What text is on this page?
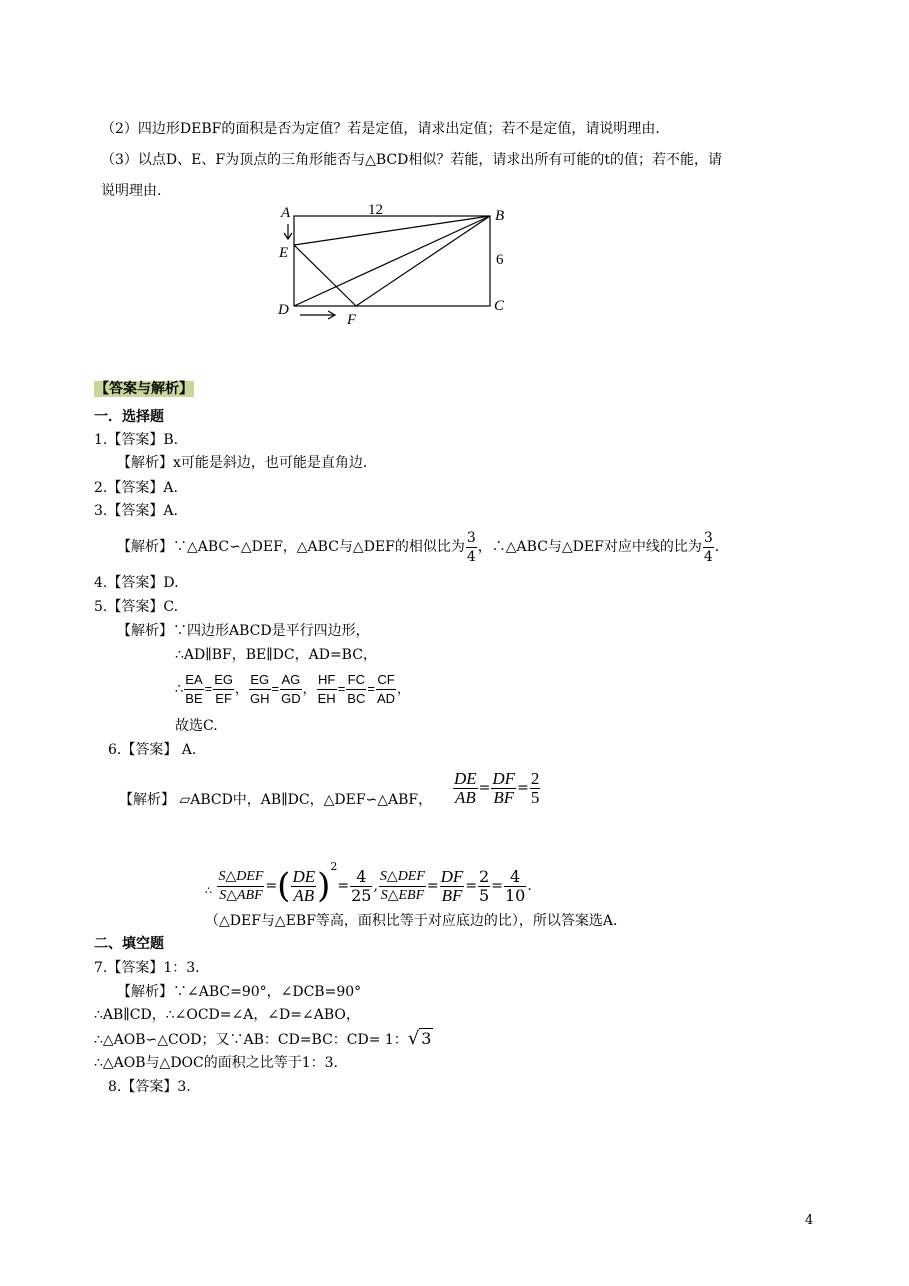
（2）四边形DEBF的面积是否为定值？若是定值，请求出定值；若不是定值，请说明理由.
（3）以点D、E、F为顶点的三角形能否与△BCD相似？若能，请求出所有可能的t的值；若不能，请
说明理由.
A	B
C
D
E
F
12
6
【答案与解析】
一．选择题
1.【答案】B.
【解析】x可能是斜边，也可能是直角边.
2.【答案】A.
3.【答案】A.
【解析】∵△ABC∽△DEF，△ABC与△DEF的相似比为 $\frac{3}{4}$ ，∴△ABC与△DEF对应中线的比为 $\frac{3}{4}$ .
4.【答案】D.
5.【答案】C.
【解析】∵四边形ABCD是平行四边形，
∴AD∥BF，BE∥DC，AD=BC，
∴ $\frac{EA}{BE} = \frac{EG}{EF}$ ， $\frac{EG}{GH} = \frac{AG}{GD}$ ， $\frac{HF}{EH} = \frac{FC}{BC} = \frac{CF}{AD}$ ，
故选C.
6.【答案】 A.
【解析】 ▱ABCD中，AB∥DC，△DEF∽△ABF， $\frac{DE}{AB} = \frac{DF}{BF} = \frac{2}{5}$
$_\therefore \frac{\text{S△DEF}}{\text{S△ABF}}$ =( $\frac{DE}{AB} )^2= \frac{4}{25}$ , $\frac{\text{S△DEF}}{\text{S△EBF}} = \frac{DF}{BF} = \frac{2}{5} = \frac{4}{10}$ .
（△DEF与△EBF等高，面积比等于对应底边的比），所以答案选A.
二、填空题
7.【答案】1：3.
【解析】∵∠ABC=90°，∠DCB=90°
∴AB∥CD，∴∠OCD=∠A，∠D=∠ABO，
∴△AOB∽△COD；又∵AB：CD=BC：CD= 1：√ 3
∴△AOB与△DOC的面积之比等于1：3.
8.【答案】3.
4
